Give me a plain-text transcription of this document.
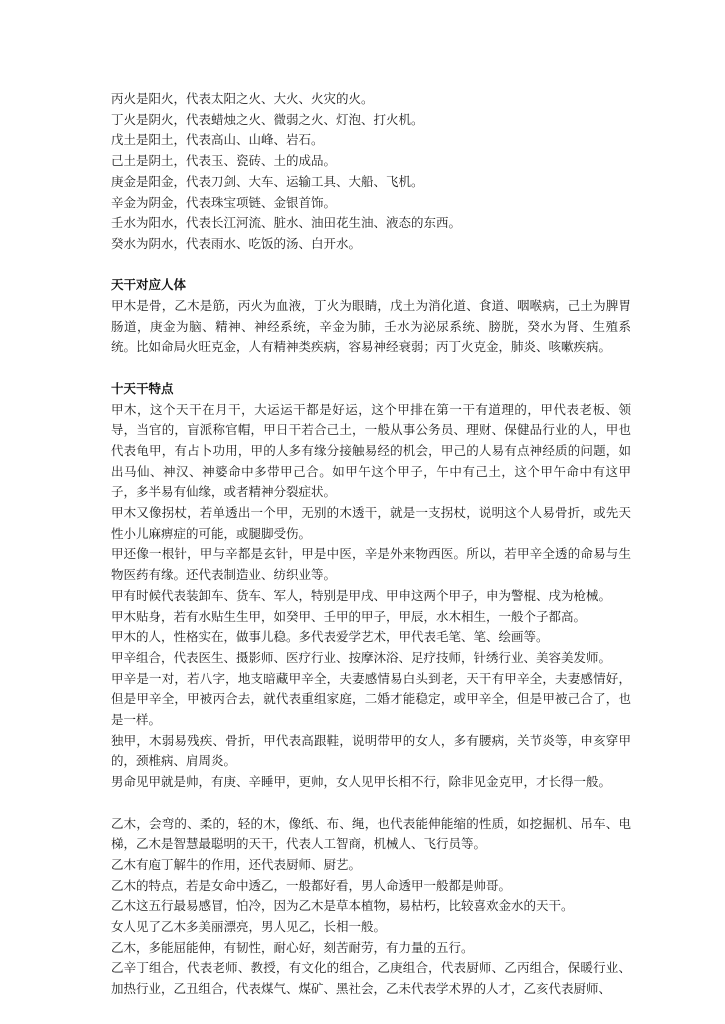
丙火是阳火，代表太阳之火、大火、火灾的火。

丁火是阴火，代表蜡烛之火、微弱之火、灯泡、打火机。

戊土是阳土，代表高山、山峰、岩石。

己土是阴土，代表玉、瓷砖、土的成品。

庚金是阳金，代表刀剑、大车、运输工具、大船、飞机。

辛金为阴金，代表珠宝项链、金银首饰。

壬水为阳水，代表长江河流、脏水、油田花生油、液态的东西。

癸水为阴水，代表雨水、吃饭的汤、白开水。

天干对应人体

甲木是骨，乙木是筋，丙火为血液，丁火为眼睛，戊土为消化道、食道、咽喉病，己土为脾胃肠道，庚金为脑、精神、神经系统，辛金为肺，壬水为泌尿系统、膀胱，癸水为肾、生殖系统。比如命局火旺克金，人有精神类疾病，容易神经衰弱；丙丁火克金，肺炎、咳嗽疾病。

十天干特点

甲木，这个天干在月干，大运运干都是好运，这个甲排在第一干有道理的，甲代表老板、领导，当官的，盲派称官帽，甲日干若合己土，一般从事公务员、理财、保健品行业的人，甲也代表龟甲，有占卜功用，甲的人多有缘分接触易经的机会，甲己的人易有点神经质的问题，如出马仙、神汉、神婆命中多带甲己合。如甲午这个甲子，午中有己土，这个甲午命中有这甲子，多半易有仙缘，或者精神分裂症状。

甲木又像拐杖，若单透出一个甲，无别的木透干，就是一支拐杖，说明这个人易骨折，或先天性小儿麻痹症的可能，或腿脚受伤。

甲还像一根针，甲与辛都是玄针，甲是中医，辛是外来物西医。所以，若甲辛全透的命易与生物医药有缘。还代表制造业、纺织业等。

甲有时候代表装卸车、货车、军人，特别是甲戌、甲申这两个甲子，申为警棍、戌为枪械。

甲木贴身，若有水贴生生甲，如癸甲、壬甲的甲子，甲辰，水木相生，一般个子都高。

甲木的人，性格实在，做事儿稳。多代表爱学艺术，甲代表毛笔、笔、绘画等。

甲辛组合，代表医生、摄影师、医疗行业、按摩沐浴、足疗技师，针绣行业、美容美发师。

甲辛是一对，若八字，地支暗藏甲辛全，夫妻感情易白头到老，天干有甲辛全，夫妻感情好，但是甲辛全，甲被丙合去，就代表重组家庭，二婚才能稳定，或甲辛全，但是甲被己合了，也是一样。

独甲，木弱易残疾、骨折，甲代表高跟鞋，说明带甲的女人，多有腰病，关节炎等，申亥穿甲的，颈椎病、肩周炎。

男命见甲就是帅，有庚、辛睡甲，更帅，女人见甲长相不行，除非见金克甲，才长得一般。

乙木，会弯的、柔的，轻的木，像纸、布、绳，也代表能伸能缩的性质，如挖掘机、吊车、电梯，乙木是智慧最聪明的天干，代表人工智商，机械人、飞行员等。

乙木有庖丁解牛的作用，还代表厨师、厨艺。

乙木的特点，若是女命中透乙，一般都好看，男人命透甲一般都是帅哥。

乙木这五行最易感冒，怕冷，因为乙木是草本植物，易枯朽，比较喜欢金水的天干。

女人见了乙木多美丽漂亮，男人见乙，长相一般。

乙木，多能屈能伸，有韧性，耐心好，刻苦耐劳，有力量的五行。

乙辛丁组合，代表老师、教授，有文化的组合，乙庚组合，代表厨师、乙丙组合，保暖行业、加热行业，乙丑组合，代表煤气、煤矿、黑社会，乙未代表学术界的人才，乙亥代表厨师、
